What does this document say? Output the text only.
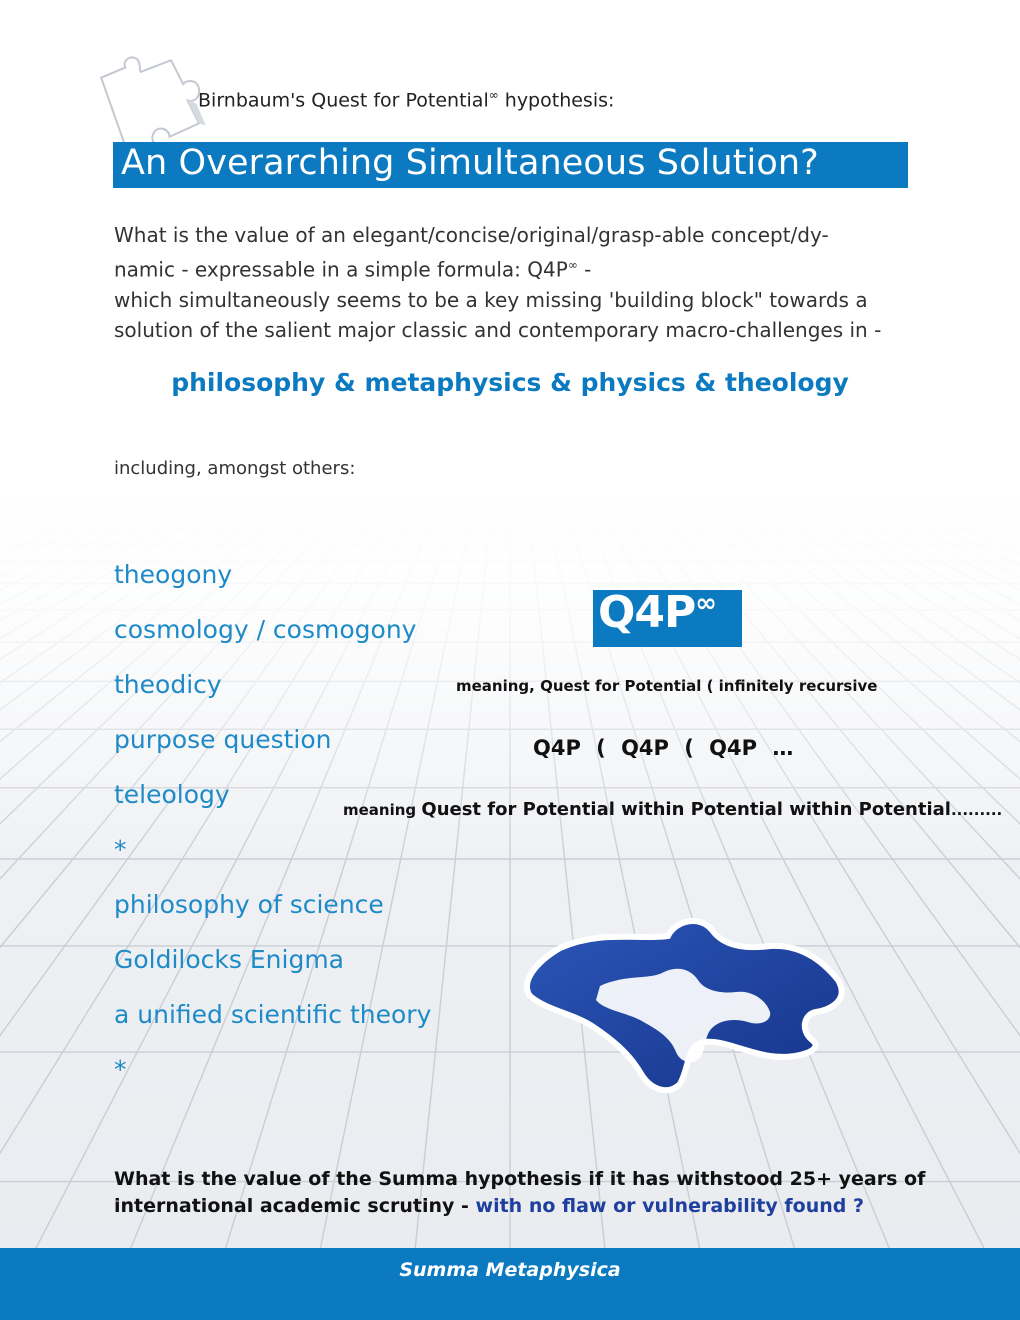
Birnbaum's Quest for Potential∞ hypothesis:
An Overarching Simultaneous Solution?
What is the value of an elegant/concise/original/grasp-able concept/dy-
namic - expressable in a simple formula: Q4P∞ -
which simultaneously seems to be a key missing 'building block" towards a
solution of the salient major classic and contemporary macro-challenges in -
philosophy & metaphysics & physics & theology
including, amongst others:
theogony
cosmology / cosmogony
theodicy
purpose question
teleology
*
philosophy of science
Goldilocks Enigma
a unified scientific theory
*
Q4P∞
meaning, Quest for Potential ( infinitely recursive
Q4P ( Q4P ( Q4P …
meaning Quest for Potential within Potential within Potential.........
What is the value of the Summa hypothesis if it has withstood 25+ years of
international academic scrutiny - with no flaw or vulnerability found ?
Summa Metaphysica
